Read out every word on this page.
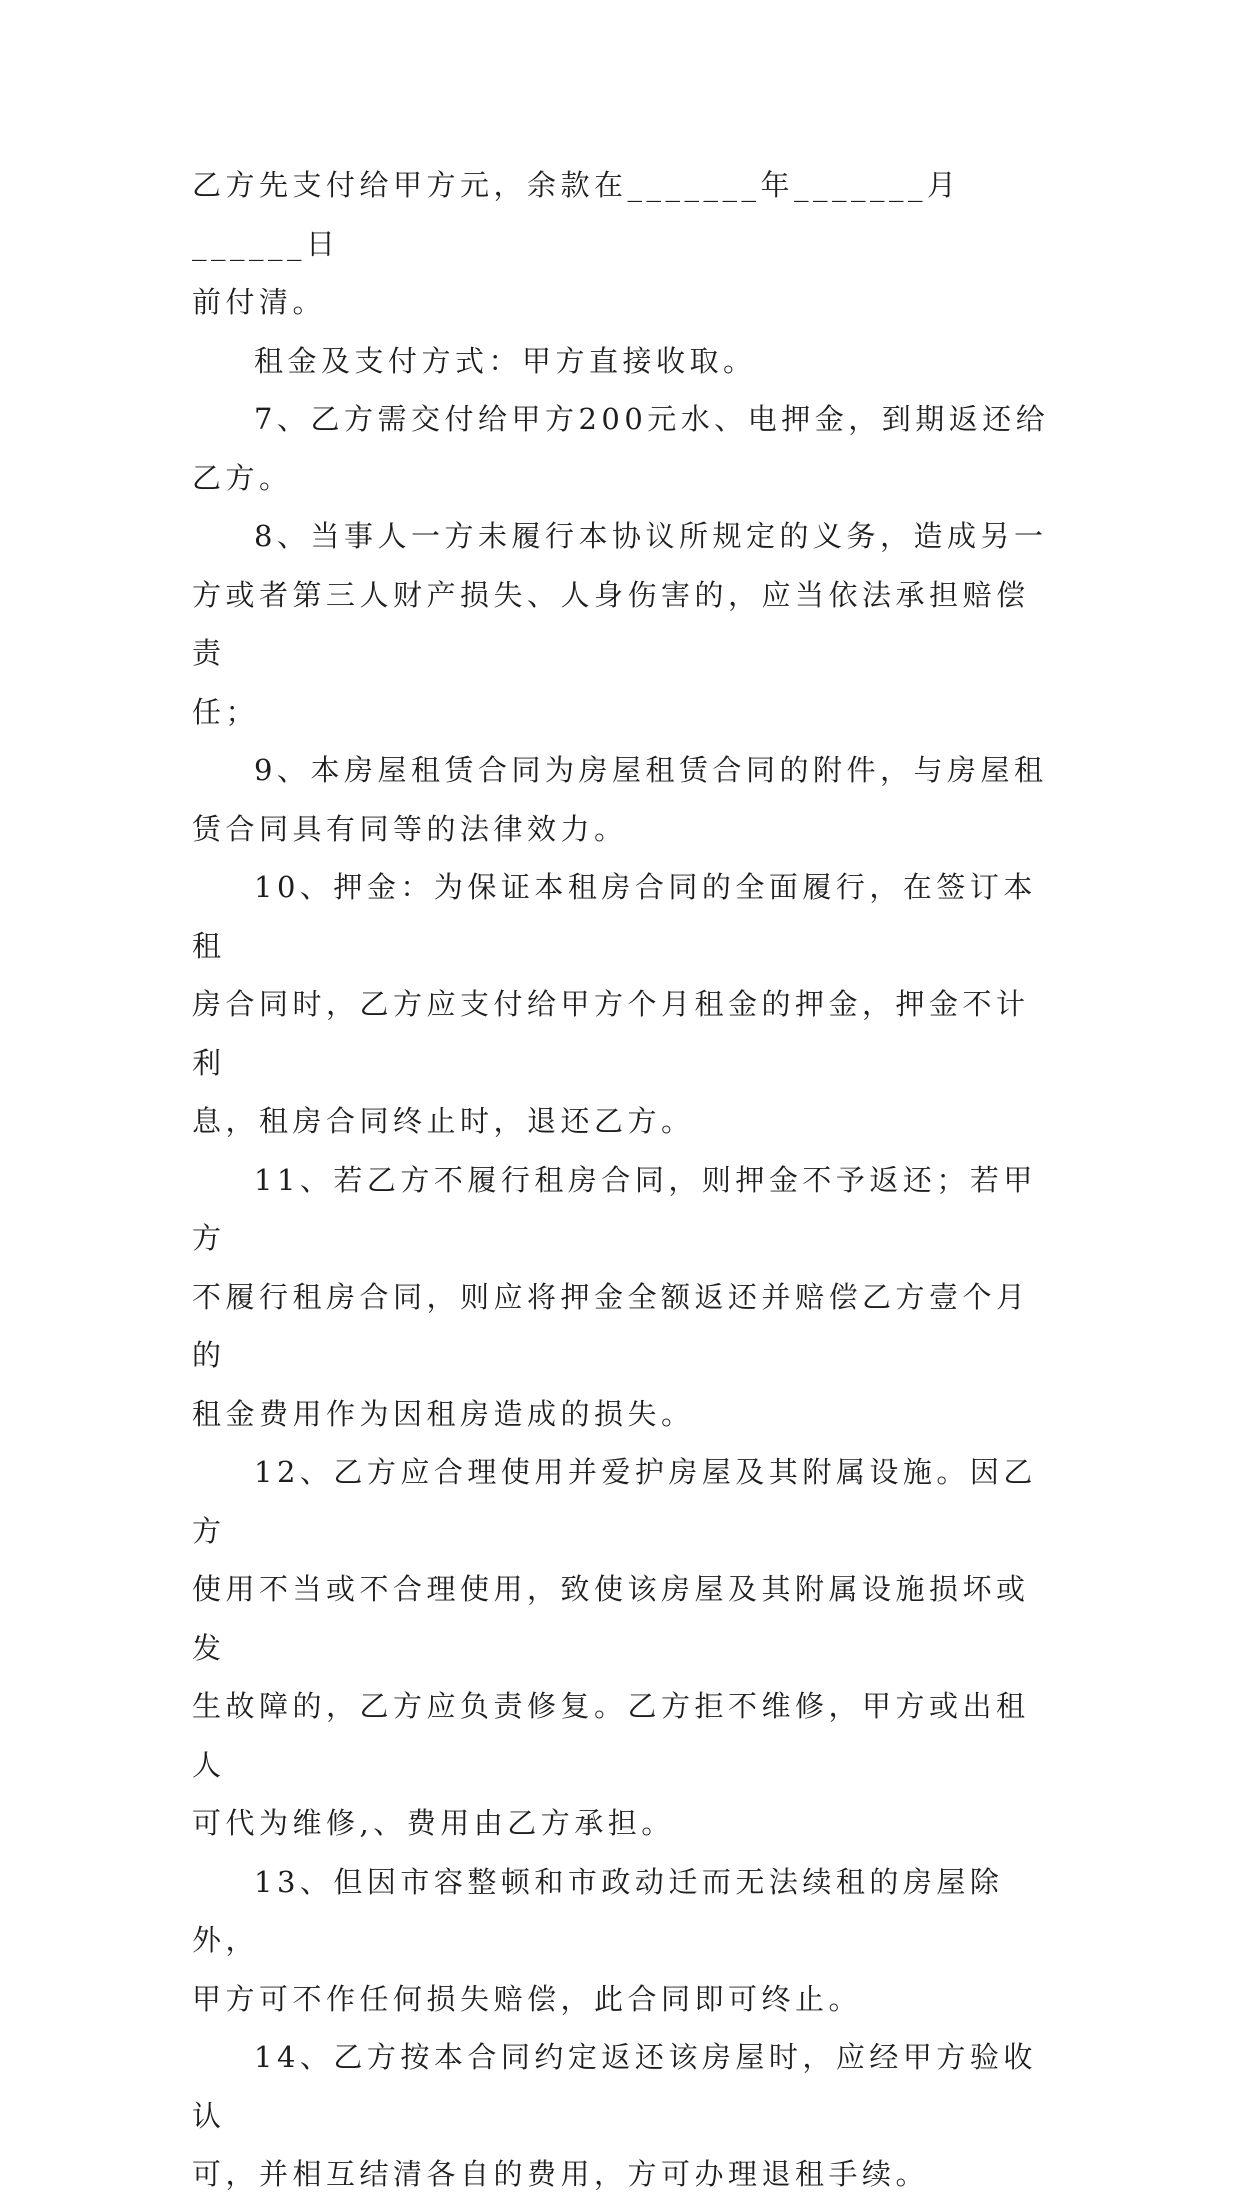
乙方先支付给甲方元，余款在_______年_______月______日
前付清。
租金及支付方式：甲方直接收取。
7、乙方需交付给甲方200元水、电押金，到期返还给
乙方。
8、当事人一方未履行本协议所规定的义务，造成另一
方或者第三人财产损失、人身伤害的，应当依法承担赔偿责
任；
9、本房屋租赁合同为房屋租赁合同的附件，与房屋租
赁合同具有同等的法律效力。
10、押金：为保证本租房合同的全面履行，在签订本租
房合同时，乙方应支付给甲方个月租金的押金，押金不计利
息，租房合同终止时，退还乙方。
11、若乙方不履行租房合同，则押金不予返还；若甲方
不履行租房合同，则应将押金全额返还并赔偿乙方壹个月的
租金费用作为因租房造成的损失。
12、乙方应合理使用并爱护房屋及其附属设施。因乙方
使用不当或不合理使用，致使该房屋及其附属设施损坏或发
生故障的，乙方应负责修复。乙方拒不维修，甲方或出租人
可代为维修,、费用由乙方承担。
13、但因市容整顿和市政动迁而无法续租的房屋除外，
甲方可不作任何损失赔偿，此合同即可终止。
14、乙方按本合同约定返还该房屋时，应经甲方验收认
可，并相互结清各自的费用，方可办理退租手续。
